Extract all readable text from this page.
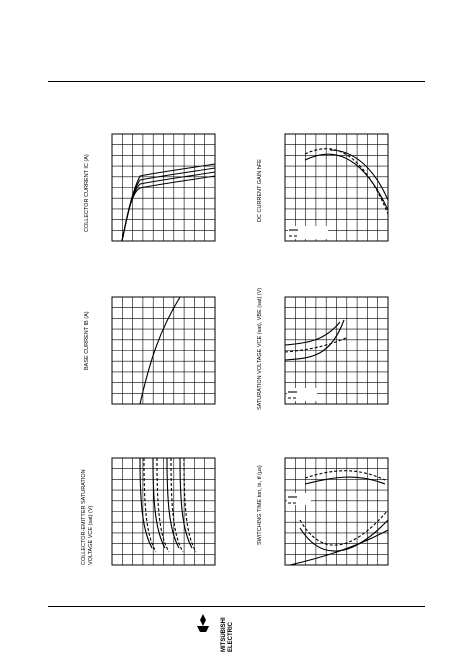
COLLECTOR CURRENT IC (A)
BASE CURRENT IB (A)
COLLECTOR-EMITTER SATURATION VOLTAGE VCE (sat) (V)
DC CURRENT GAIN hFE
SATURATION VOLTAGE VCE (sat), VBE (sat) (V)
SWITCHING TIME ton, ts, tf (µs)
MITSUBISHI ELECTRIC
